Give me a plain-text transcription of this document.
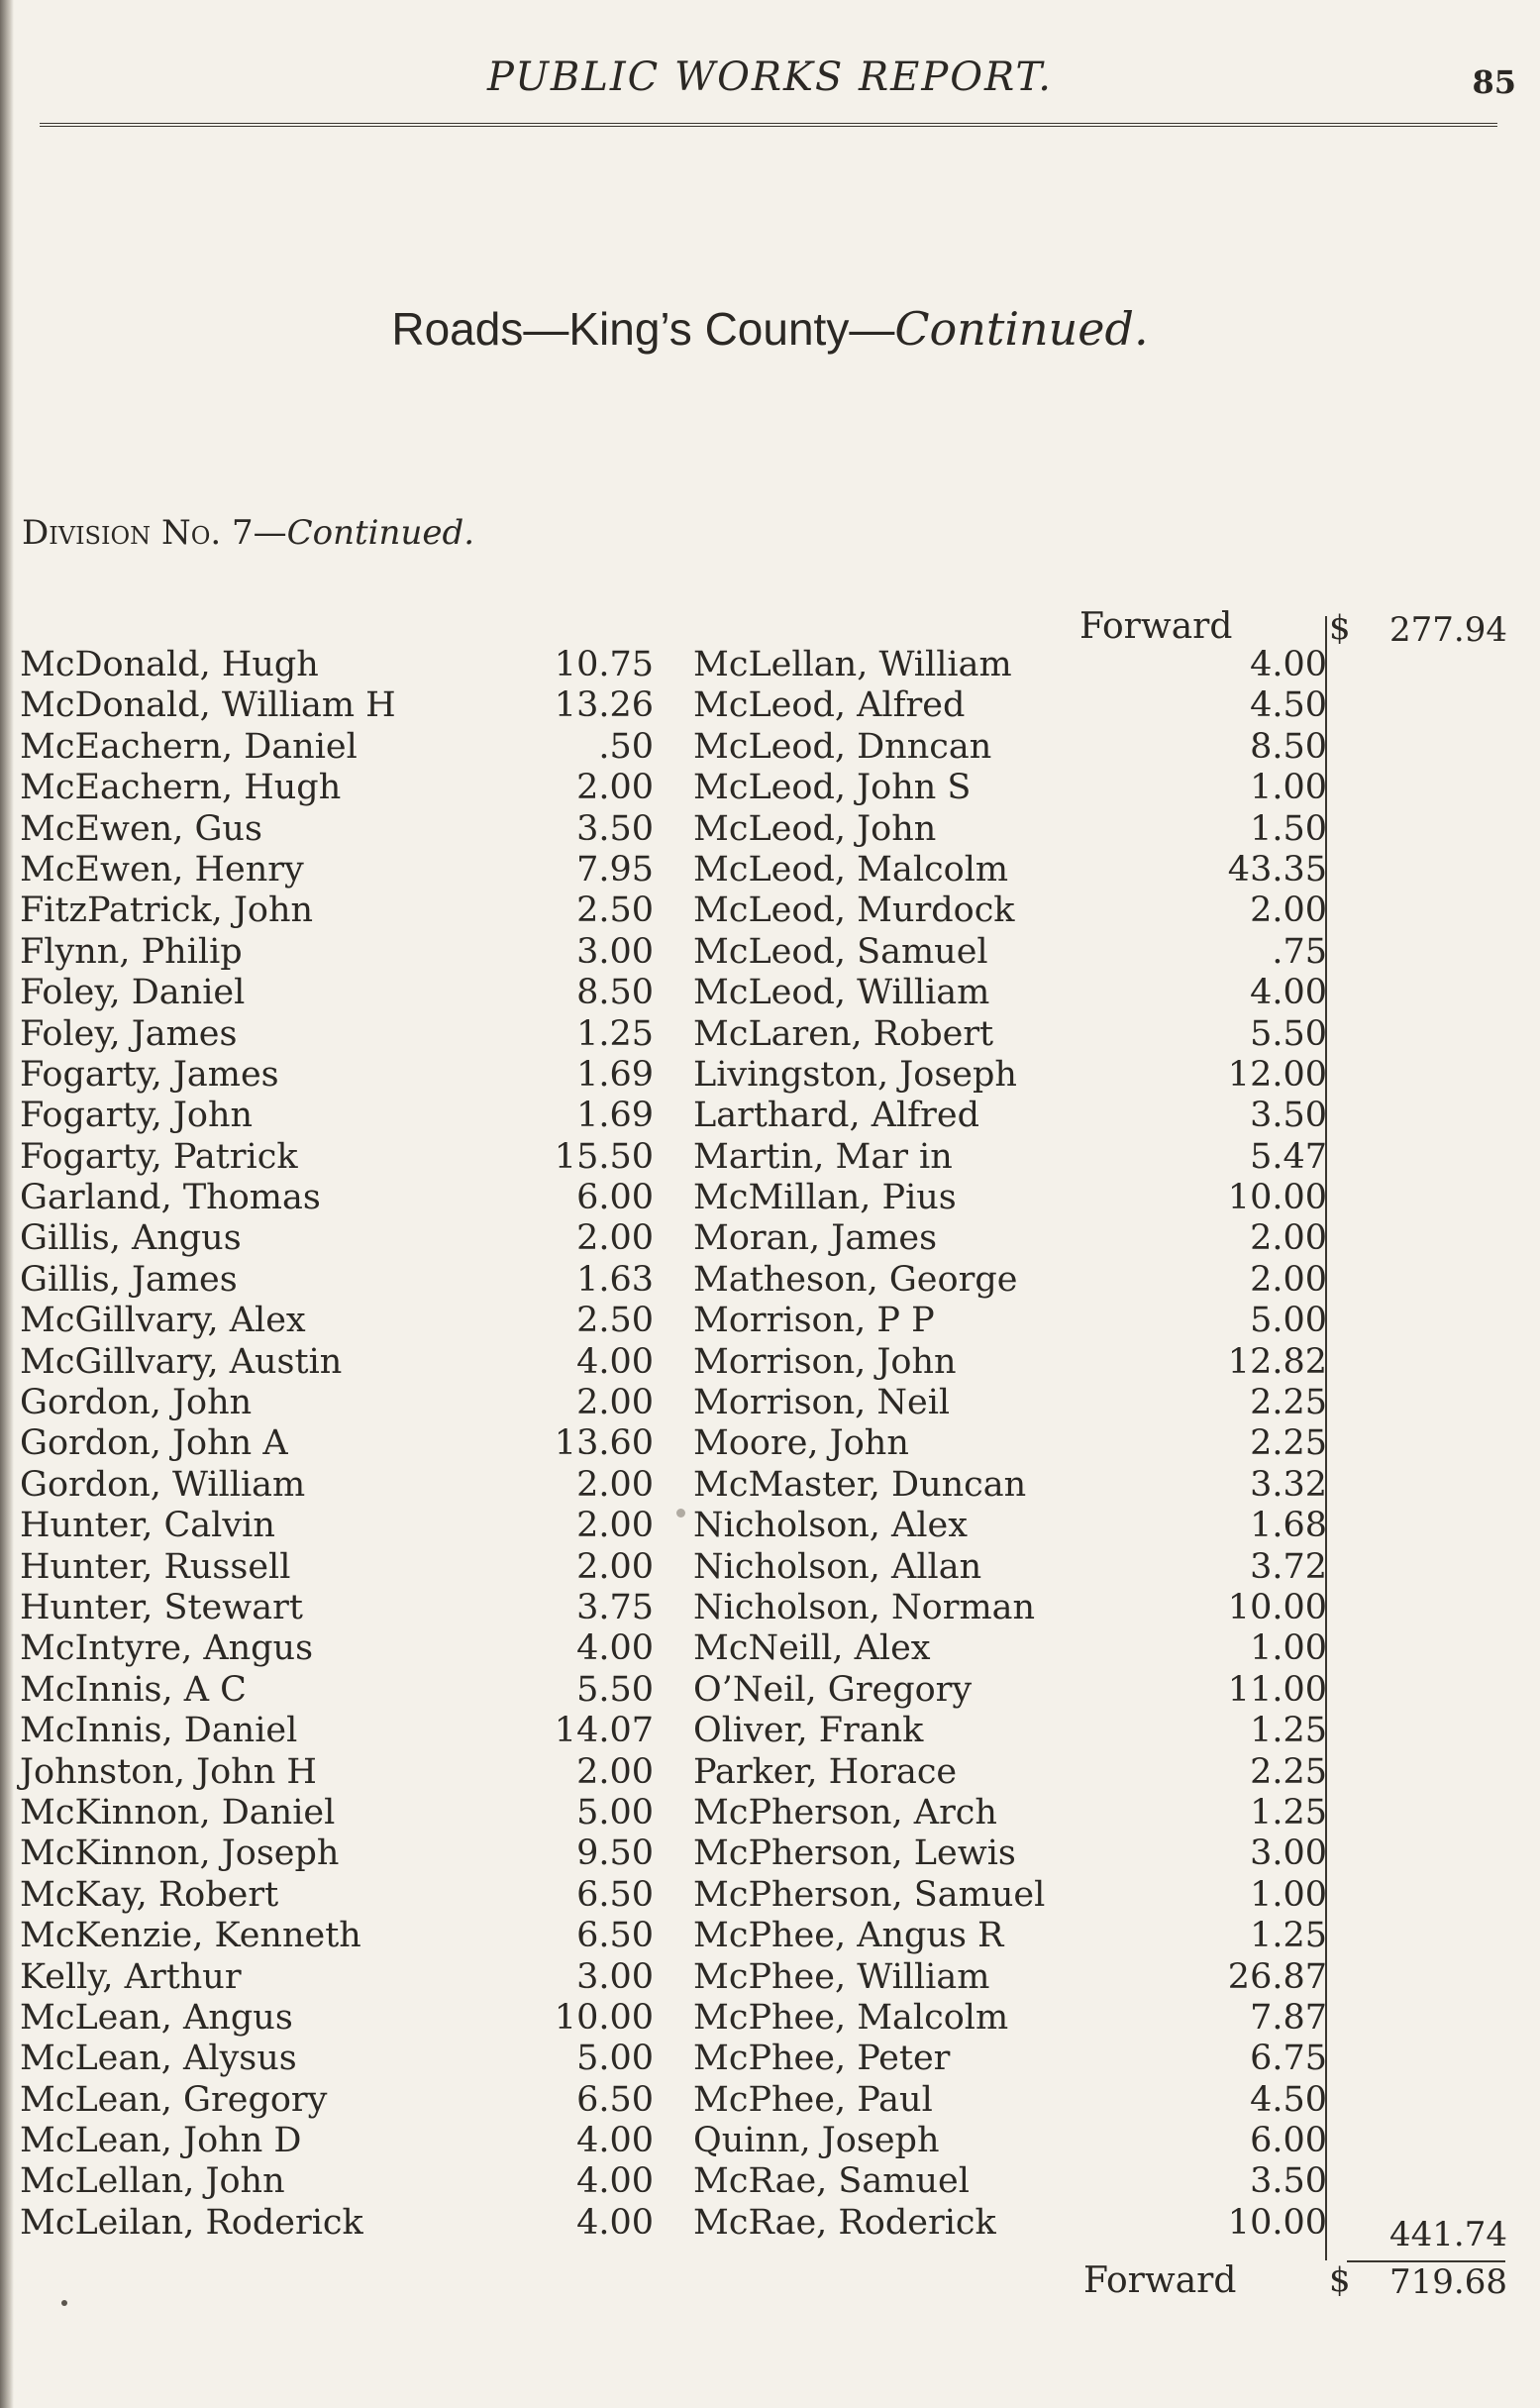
PUBLIC WORKS REPORT.	85
Roads—King’s County—Continued.
Division No. 7—Continued.
Forward	$	277.94
McDonald, Hugh	10.75
McDonald, William H	13.26
McEachern, Daniel	.50
McEachern, Hugh	2.00
McEwen, Gus	3.50
McEwen, Henry	7.95
FitzPatrick, John	2.50
Flynn, Philip	3.00
Foley, Daniel	8.50
Foley, James	1.25
Fogarty, James	1.69
Fogarty, John	1.69
Fogarty, Patrick	15.50
Garland, Thomas	6.00
Gillis, Angus	2.00
Gillis, James	1.63
McGillvary, Alex	2.50
McGillvary, Austin	4.00
Gordon, John	2.00
Gordon, John A	13.60
Gordon, William	2.00
Hunter, Calvin	2.00
Hunter, Russell	2.00
Hunter, Stewart	3.75
McIntyre, Angus	4.00
McInnis, A C	5.50
McInnis, Daniel	14.07
Johnston, John H	2.00
McKinnon, Daniel	5.00
McKinnon, Joseph	9.50
McKay, Robert	6.50
McKenzie, Kenneth	6.50
Kelly, Arthur	3.00
McLean, Angus	10.00
McLean, Alysus	5.00
McLean, Gregory	6.50
McLean, John D	4.00
McLellan, John	4.00
McLeilan, Roderick	4.00
McLellan, William	4.00
McLeod, Alfred	4.50
McLeod, Dnncan	8.50
McLeod, John S	1.00
McLeod, John	1.50
McLeod, Malcolm	43.35
McLeod, Murdock	2.00
McLeod, Samuel	.75
McLeod, William	4.00
McLaren, Robert	5.50
Livingston, Joseph	12.00
Larthard, Alfred	3.50
Martin, Mar in	5.47
McMillan, Pius	10.00
Moran, James	2.00
Matheson, George	2.00
Morrison, P P	5.00
Morrison, John	12.82
Morrison, Neil	2.25
Moore, John	2.25
McMaster, Duncan	3.32
Nicholson, Alex	1.68
Nicholson, Allan	3.72
Nicholson, Norman	10.00
McNeill, Alex	1.00
O’Neil, Gregory	11.00
Oliver, Frank	1.25
Parker, Horace	2.25
McPherson, Arch	1.25
McPherson, Lewis	3.00
McPherson, Samuel	1.00
McPhee, Angus R	1.25
McPhee, William	26.87
McPhee, Malcolm	7.87
McPhee, Peter	6.75
McPhee, Paul	4.50
Quinn, Joseph	6.00
McRae, Samuel	3.50
McRae, Roderick	10.00	441.74
Forward	$	719.68
